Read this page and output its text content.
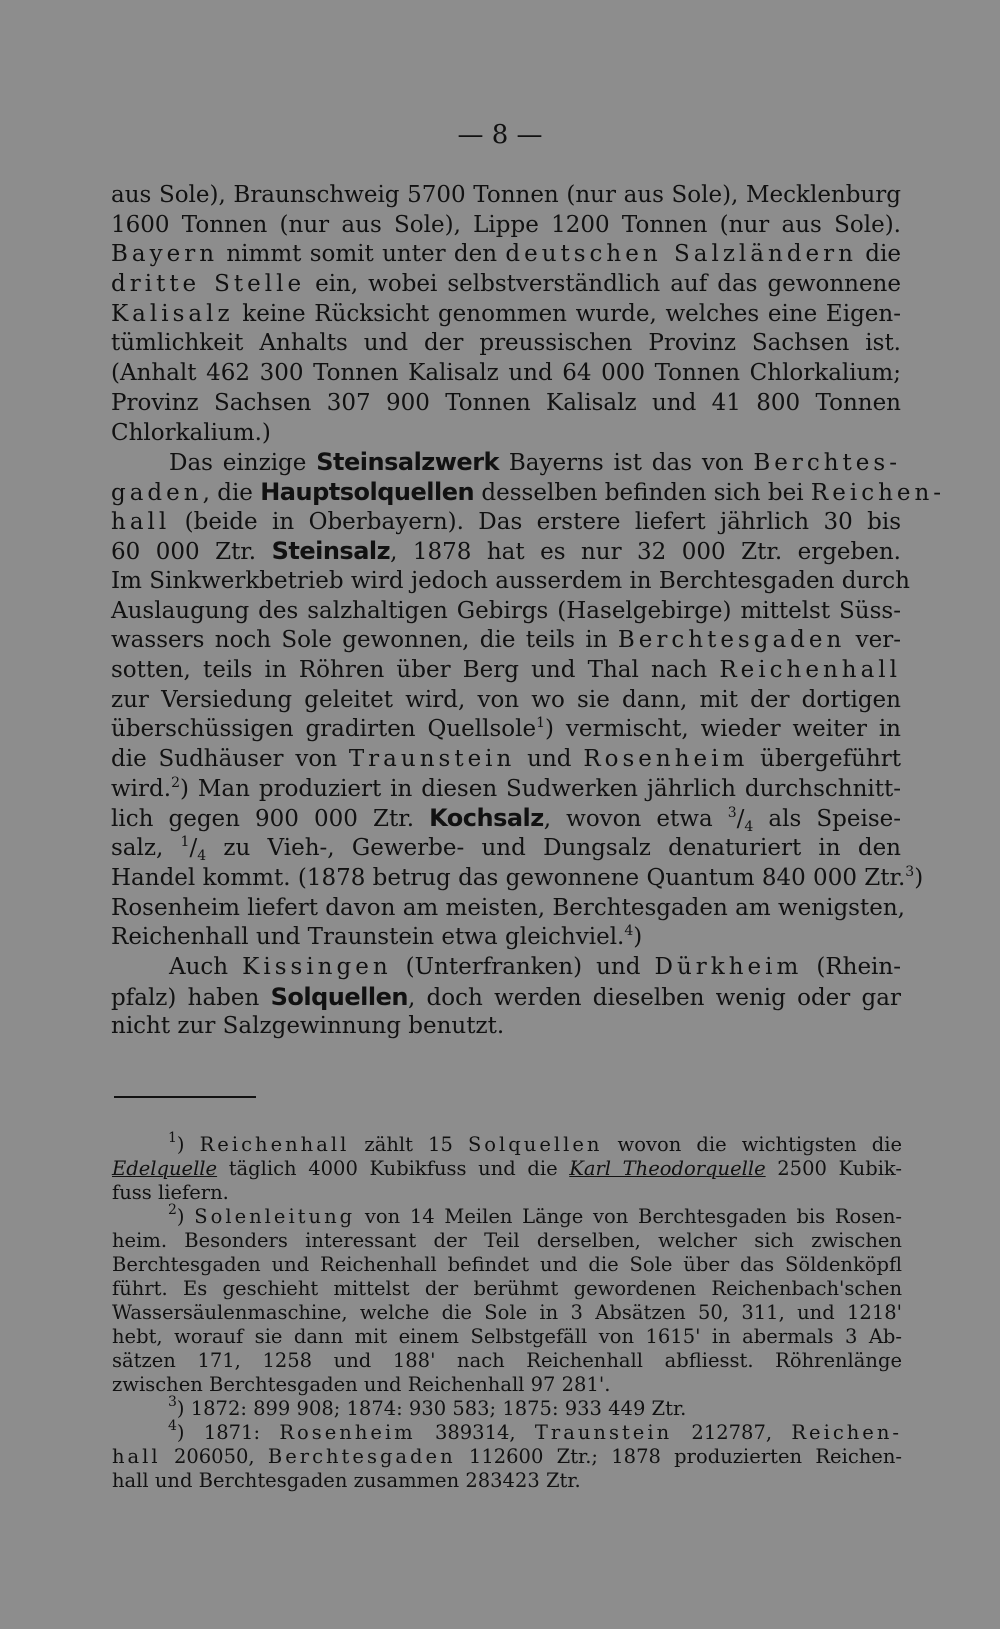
— 8 —
aus Sole), Braunschweig 5700 Tonnen (nur aus Sole), Mecklenburg
1600 Tonnen (nur aus Sole), Lippe 1200 Tonnen (nur aus Sole).
Bayern nimmt somit unter den deutschen Salzländern die
dritte Stelle ein, wobei selbstverständlich auf das gewonnene
Kalisalz keine Rücksicht genommen wurde, welches eine Eigen-
tümlichkeit Anhalts und der preussischen Provinz Sachsen ist.
(Anhalt 462 300 Tonnen Kalisalz und 64 000 Tonnen Chlorkalium;
Provinz Sachsen 307 900 Tonnen Kalisalz und 41 800 Tonnen
Chlorkalium.)
Das einzige Steinsalzwerk Bayerns ist das von Berchtes-
gaden, die Hauptsolquellen desselben befinden sich bei Reichen-
hall (beide in Oberbayern). Das erstere liefert jährlich 30 bis
60 000 Ztr. Steinsalz, 1878 hat es nur 32 000 Ztr. ergeben.
Im Sinkwerkbetrieb wird jedoch ausserdem in Berchtesgaden durch
Auslaugung des salzhaltigen Gebirgs (Haselgebirge) mittelst Süss-
wassers noch Sole gewonnen, die teils in Berchtesgaden ver-
sotten, teils in Röhren über Berg und Thal nach Reichenhall
zur Versiedung geleitet wird, von wo sie dann, mit der dortigen
überschüssigen gradirten Quellsole$^1$) vermischt, wieder weiter in
die Sudhäuser von Traunstein und Rosenheim übergeführt
wird.$^2$) Man produziert in diesen Sudwerken jährlich durchschnitt-
lich gegen 900 000 Ztr. Kochsalz, wovon etwa $^3/_4$ als Speise-
salz, $^1/_4$ zu Vieh-, Gewerbe- und Dungsalz denaturiert in den
Handel kommt. (1878 betrug das gewonnene Quantum 840 000 Ztr.$^3$)
Rosenheim liefert davon am meisten, Berchtesgaden am wenigsten,
Reichenhall und Traunstein etwa gleichviel.$^4$)
Auch Kissingen (Unterfranken) und Dürkheim (Rhein-
pfalz) haben Solquellen, doch werden dieselben wenig oder gar
nicht zur Salzgewinnung benutzt.
$^1$) Reichenhall zählt 15 Solquellen wovon die wichtigsten die
Edelquelle täglich 4000 Kubikfuss und die Karl Theodorquelle 2500 Kubik-
fuss liefern.
$^2$) Solenleitung von 14 Meilen Länge von Berchtesgaden bis Rosen-
heim. Besonders interessant der Teil derselben, welcher sich zwischen
Berchtesgaden und Reichenhall befindet und die Sole über das Söldenköpfl
führt. Es geschieht mittelst der berühmt gewordenen Reichenbach'schen
Wassersäulenmaschine, welche die Sole in 3 Absätzen 50, 311, und 1218'
hebt, worauf sie dann mit einem Selbstgefäll von 1615' in abermals 3 Ab-
sätzen 171, 1258 und 188' nach Reichenhall abfliesst. Röhrenlänge
zwischen Berchtesgaden und Reichenhall 97 281'.
$^3$) 1872: 899 908; 1874: 930 583; 1875: 933 449 Ztr.
$^4$) 1871: Rosenheim 389314, Traunstein 212787, Reichen-
hall 206050, Berchtesgaden 112600 Ztr.; 1878 produzierten Reichen-
hall und Berchtesgaden zusammen 283423 Ztr.
